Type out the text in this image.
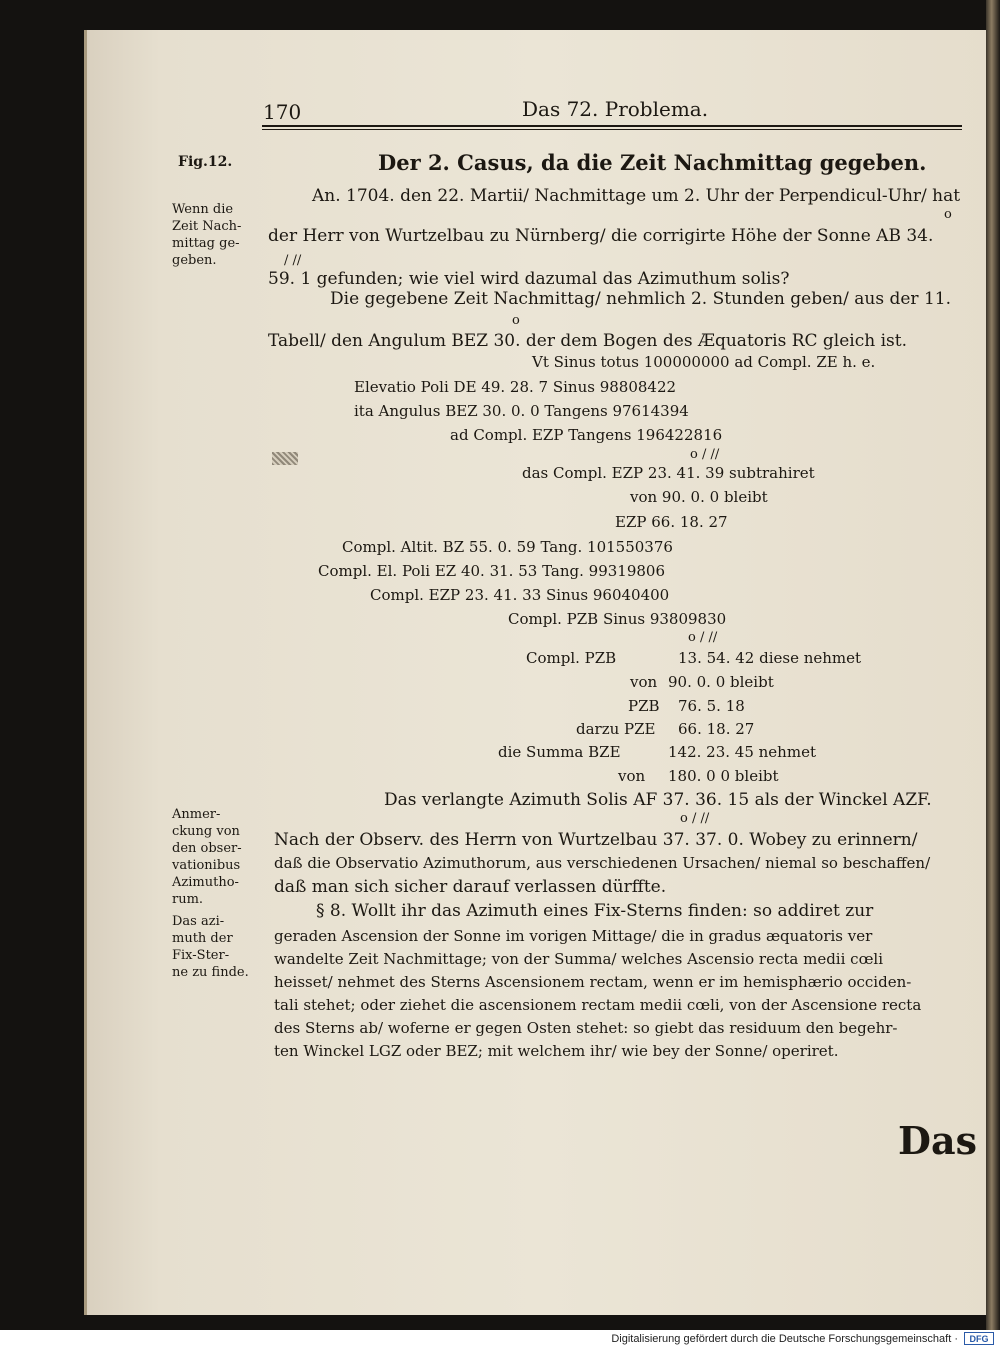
170	Das 72. Problema.
Fig.12.	Der 2. Casus, da die Zeit Nachmittag gegeben.
Wenn die
Zeit Nach-
mittag ge-
geben.
An. 1704. den 22. Martii/ Nachmittage um 2. Uhr der Perpendicul-Uhr/ hat
o
der Herr von Wurtzelbau zu Nürnberg/ die corrigirte Höhe der Sonne AB 34.
/ //
59. 1 gefunden; wie viel wird dazumal das Azimuthum solis?
Die gegebene Zeit Nachmittag/ nehmlich 2. Stunden geben/ aus der 11.
o
Tabell/ den Angulum BEZ 30. der dem Bogen des Æquatoris RC gleich ist.
Vt Sinus totus 100000000 ad Compl. ZE h. e.
Elevatio Poli DE 49. 28. 7 Sinus 98808422
ita Angulus BEZ 30. 0. 0 Tangens 97614394
ad Compl. EZP Tangens 196422816
o / //
das Compl. EZP 23. 41. 39 subtrahiret
von 90. 0. 0 bleibt
EZP 66. 18. 27
Compl. Altit. BZ 55. 0. 59 Tang. 101550376
Compl. El. Poli EZ 40. 31. 53 Tang. 99319806
Compl. EZP 23. 41. 33 Sinus 96040400
Compl. PZB Sinus 93809830
o / //
Compl. PZB	13. 54. 42 diese nehmet
von 90. 0. 0 bleibt
PZB 76. 5. 18
darzu PZE 66. 18. 27
die Summa BZE	142. 23. 45 nehmet
von 180. 0 0 bleibt
Das verlangte Azimuth Solis AF 37. 36. 15 als der Winckel AZF.
o / //
Anmer-
ckung von
den obser-
vationibus
Azimutho-
rum.
Nach der Observ. des Herrn von Wurtzelbau 37. 37. 0. Wobey zu erinnern/
daß die Observatio Azimuthorum, aus verschiedenen Ursachen/ niemal so beschaffen/
daß man sich sicher darauf verlassen dürffte.
§ 8. Wollt ihr das Azimuth eines Fix-Sterns finden: so addiret zur
Das azi-
muth der
Fix-Ster-
ne zu finde.
geraden Ascension der Sonne im vorigen Mittage/ die in gradus æquatoris ver
wandelte Zeit Nachmittage; von der Summa/ welches Ascensio recta medii cœli
heisset/ nehmet des Sterns Ascensionem rectam, wenn er im hemisphærio occiden-
tali stehet; oder ziehet die ascensionem rectam medii cœli, von der Ascensione recta
des Sterns ab/ woferne er gegen Osten stehet: so giebt das residuum den begehr-
ten Winckel LGZ oder BEZ; mit welchem ihr/ wie bey der Sonne/ operiret.
Das
Digitalisierung gefördert durch die Deutsche Forschungsgemeinschaft ·	DFG
